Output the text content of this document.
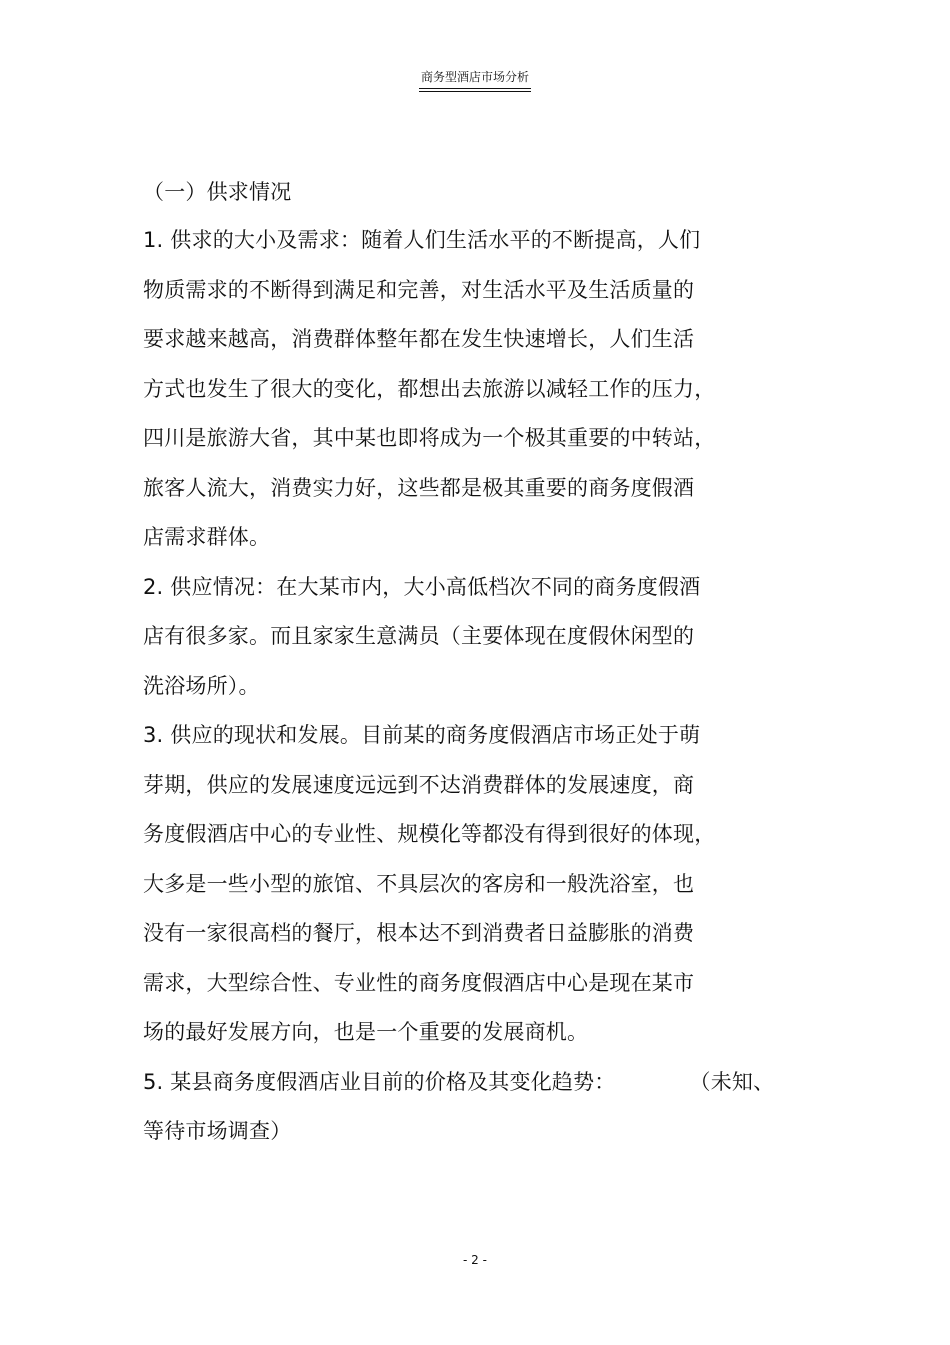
商务型酒店市场分析
（一）供求情况
1. 供求的大小及需求：随着人们生活水平的不断提高，人们
物质需求的不断得到满足和完善，对生活水平及生活质量的
要求越来越高，消费群体整年都在发生快速增长，人们生活
方式也发生了很大的变化，都想出去旅游以减轻工作的压力，
四川是旅游大省，其中某也即将成为一个极其重要的中转站，
旅客人流大，消费实力好，这些都是极其重要的商务度假酒
店需求群体。
2. 供应情况：在大某市内，大小高低档次不同的商务度假酒
店有很多家。而且家家生意满员（主要体现在度假休闲型的
洗浴场所）。
3. 供应的现状和发展。目前某的商务度假酒店市场正处于萌
芽期，供应的发展速度远远到不达消费群体的发展速度，商
务度假酒店中心的专业性、规模化等都没有得到很好的体现，
大多是一些小型的旅馆、不具层次的客房和一般洗浴室，也
没有一家很高档的餐厅，根本达不到消费者日益膨胀的消费
需求，大型综合性、专业性的商务度假酒店中心是现在某市
场的最好发展方向，也是一个重要的发展商机。
5. 某县商务度假酒店业目前的价格及其变化趋势：	（未知、
等待市场调查）
- 2 -
